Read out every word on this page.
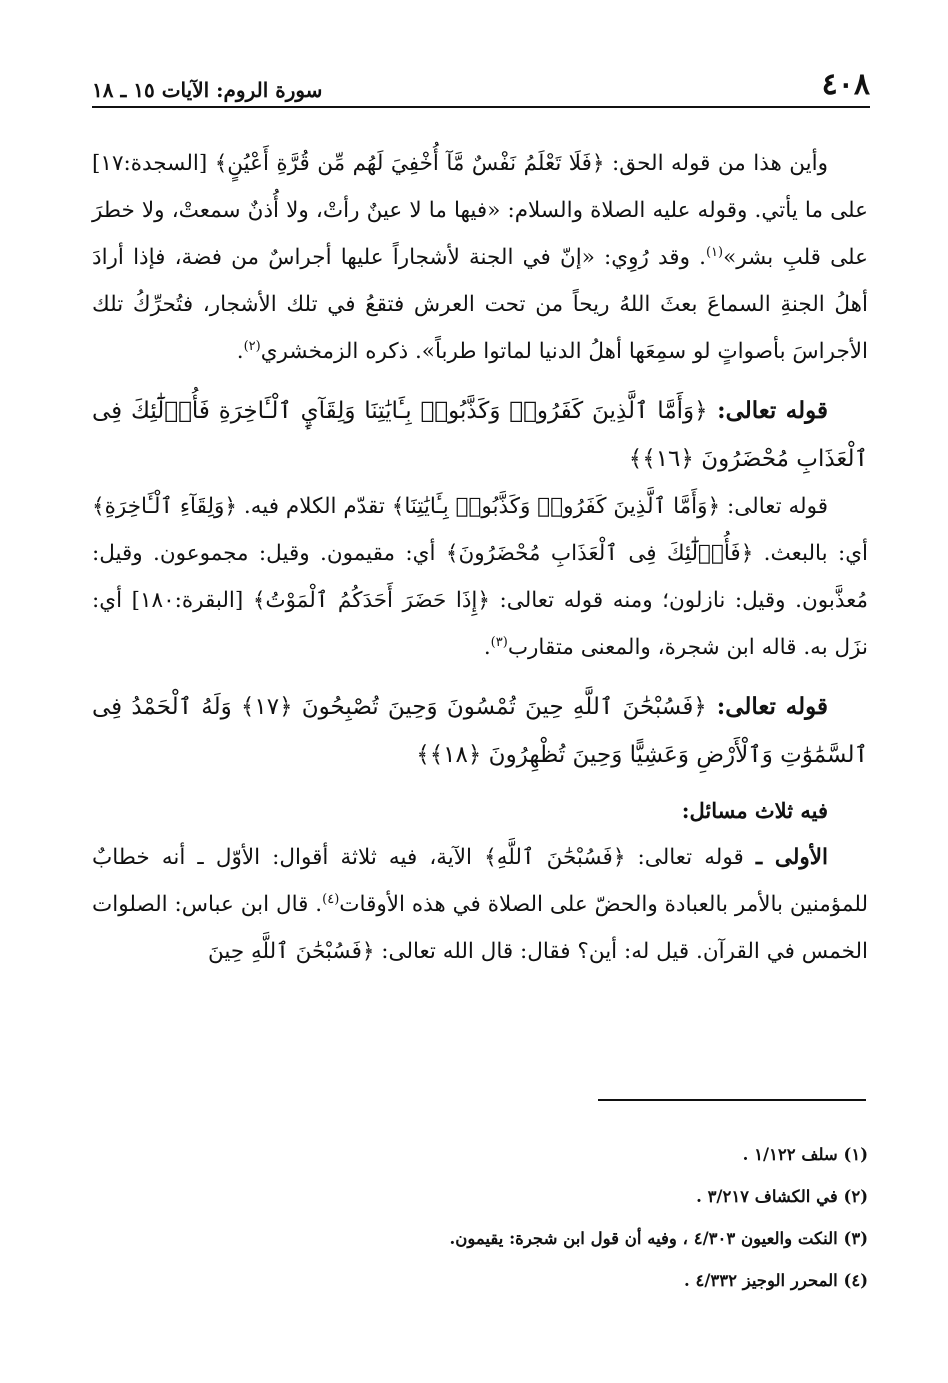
٤٠٨
سورة الروم: الآيات ١٥ ـ ١٨

وأين هذا من قوله الحق: ﴿فَلَا تَعْلَمُ نَفْسٌ مَّآ أُخْفِيَ لَهُم مِّن قُرَّةِ أَعْيُنٍ﴾ [السجدة:١٧] على ما يأتي. وقوله عليه الصلاة والسلام: «فيها ما لا عينٌ رأتْ، ولا أُذنٌ سمعتْ، ولا خطرَ على قلبِ بشر»$^{(١)}$. وقد رُوِي: «إنّ في الجنة لأشجاراً عليها أجراسٌ من فضة، فإذا أرادَ أهلُ الجنةِ السماعَ بعثَ اللهُ ريحاً من تحت العرش فتقعُ في تلك الأشجار، فتُحرِّكُ تلك الأجراسَ بأصواتٍ لو سمِعَها أهلُ الدنيا لماتوا طرباً». ذكره الزمخشري$^{(٢)}$.

قوله تعالى: ﴿وَأَمَّا ٱلَّذِينَ كَفَرُوا۟ وَكَذَّبُوا۟ بِـَٔايَٰتِنَا وَلِقَآيِٕ ٱلْـَٔاخِرَةِ فَأُو۟لَٰٓئِكَ فِى ٱلْعَذَابِ مُحْضَرُونَ ﴿١٦﴾﴾

قوله تعالى: ﴿وَأَمَّا ٱلَّذِينَ كَفَرُوا۟ وَكَذَّبُوا۟ بِـَٔايَٰتِنَا﴾ تقدّم الكلام فيه. ﴿وَلِقَآءِ ٱلْـَٔاخِرَةِ﴾ أي: بالبعث. ﴿فَأُو۟لَٰٓئِكَ فِى ٱلْعَذَابِ مُحْضَرُونَ﴾ أي: مقيمون. وقيل: مجموعون. وقيل: مُعذَّبون. وقيل: نازلون؛ ومنه قوله تعالى: ﴿إِذَا حَضَرَ أَحَدَكُمُ ٱلْمَوْتُ﴾ [البقرة:١٨٠] أي: نزَل به. قاله ابن شجرة، والمعنى متقارب$^{(٣)}$.

قوله تعالى: ﴿فَسُبْحَٰنَ ٱللَّهِ حِينَ تُمْسُونَ وَحِينَ تُصْبِحُونَ ﴿١٧﴾ وَلَهُ ٱلْحَمْدُ فِى ٱلسَّمَٰوَٰتِ وَٱلْأَرْضِ وَعَشِيًّا وَحِينَ تُظْهِرُونَ ﴿١٨﴾﴾

فيه ثلاث مسائل:

الأولى ـ قوله تعالى: ﴿فَسُبْحَٰنَ ٱللَّهِ﴾ الآية، فيه ثلاثة أقوال: الأوّل ـ أنه خطابٌ للمؤمنين بالأمر بالعبادة والحضّ على الصلاة في هذه الأوقات$^{(٤)}$. قال ابن عباس: الصلوات الخمس في القرآن. قيل له: أين؟ فقال: قال الله تعالى: ﴿فَسُبْحَٰنَ ٱللَّهِ حِينَ

(١) سلف ١/١٢٢ .

(٢) في الكشاف ٣/٢١٧ .

(٣) النكت والعيون ٤/٣٠٣ ، وفيه أن قول ابن شجرة: يقيمون.

(٤) المحرر الوجيز ٤/٣٣٢ .
